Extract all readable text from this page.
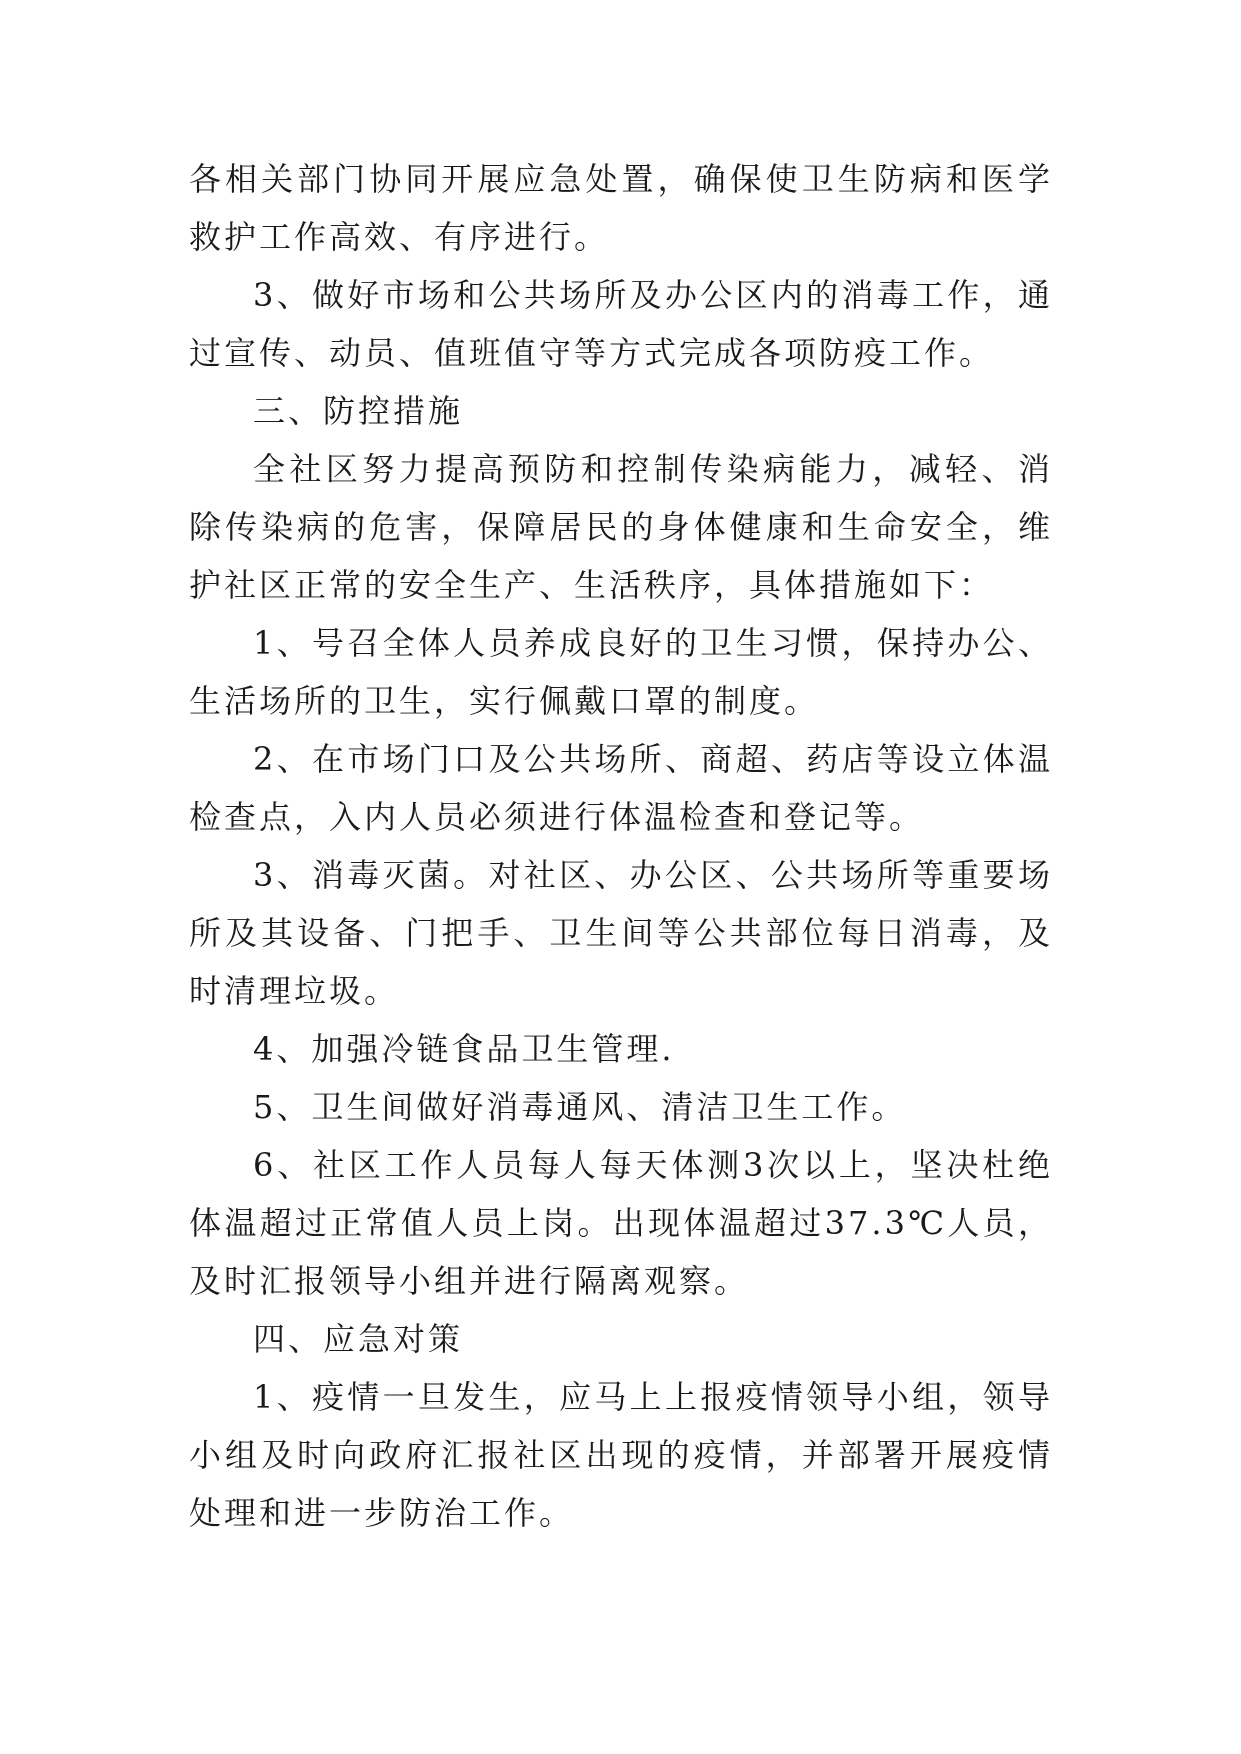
各相关部门协同开展应急处置，确保使卫生防病和医学救护工作高效、有序进行。

3、做好市场和公共场所及办公区内的消毒工作，通过宣传、动员、值班值守等方式完成各项防疫工作。

三、防控措施

全社区努力提高预防和控制传染病能力，减轻、消除传染病的危害，保障居民的身体健康和生命安全，维护社区正常的安全生产、生活秩序，具体措施如下：

1、号召全体人员养成良好的卫生习惯，保持办公、生活场所的卫生，实行佩戴口罩的制度。

2、在市场门口及公共场所、商超、药店等设立体温检查点，入内人员必须进行体温检查和登记等。

3、消毒灭菌。对社区、办公区、公共场所等重要场所及其设备、门把手、卫生间等公共部位每日消毒，及时清理垃圾。

4、加强冷链食品卫生管理.

5、卫生间做好消毒通风、清洁卫生工作。

6、社区工作人员每人每天体测3次以上，坚决杜绝体温超过正常值人员上岗。出现体温超过37.3℃人员，及时汇报领导小组并进行隔离观察。

四、应急对策

1、疫情一旦发生，应马上上报疫情领导小组，领导小组及时向政府汇报社区出现的疫情，并部署开展疫情处理和进一步防治工作。
